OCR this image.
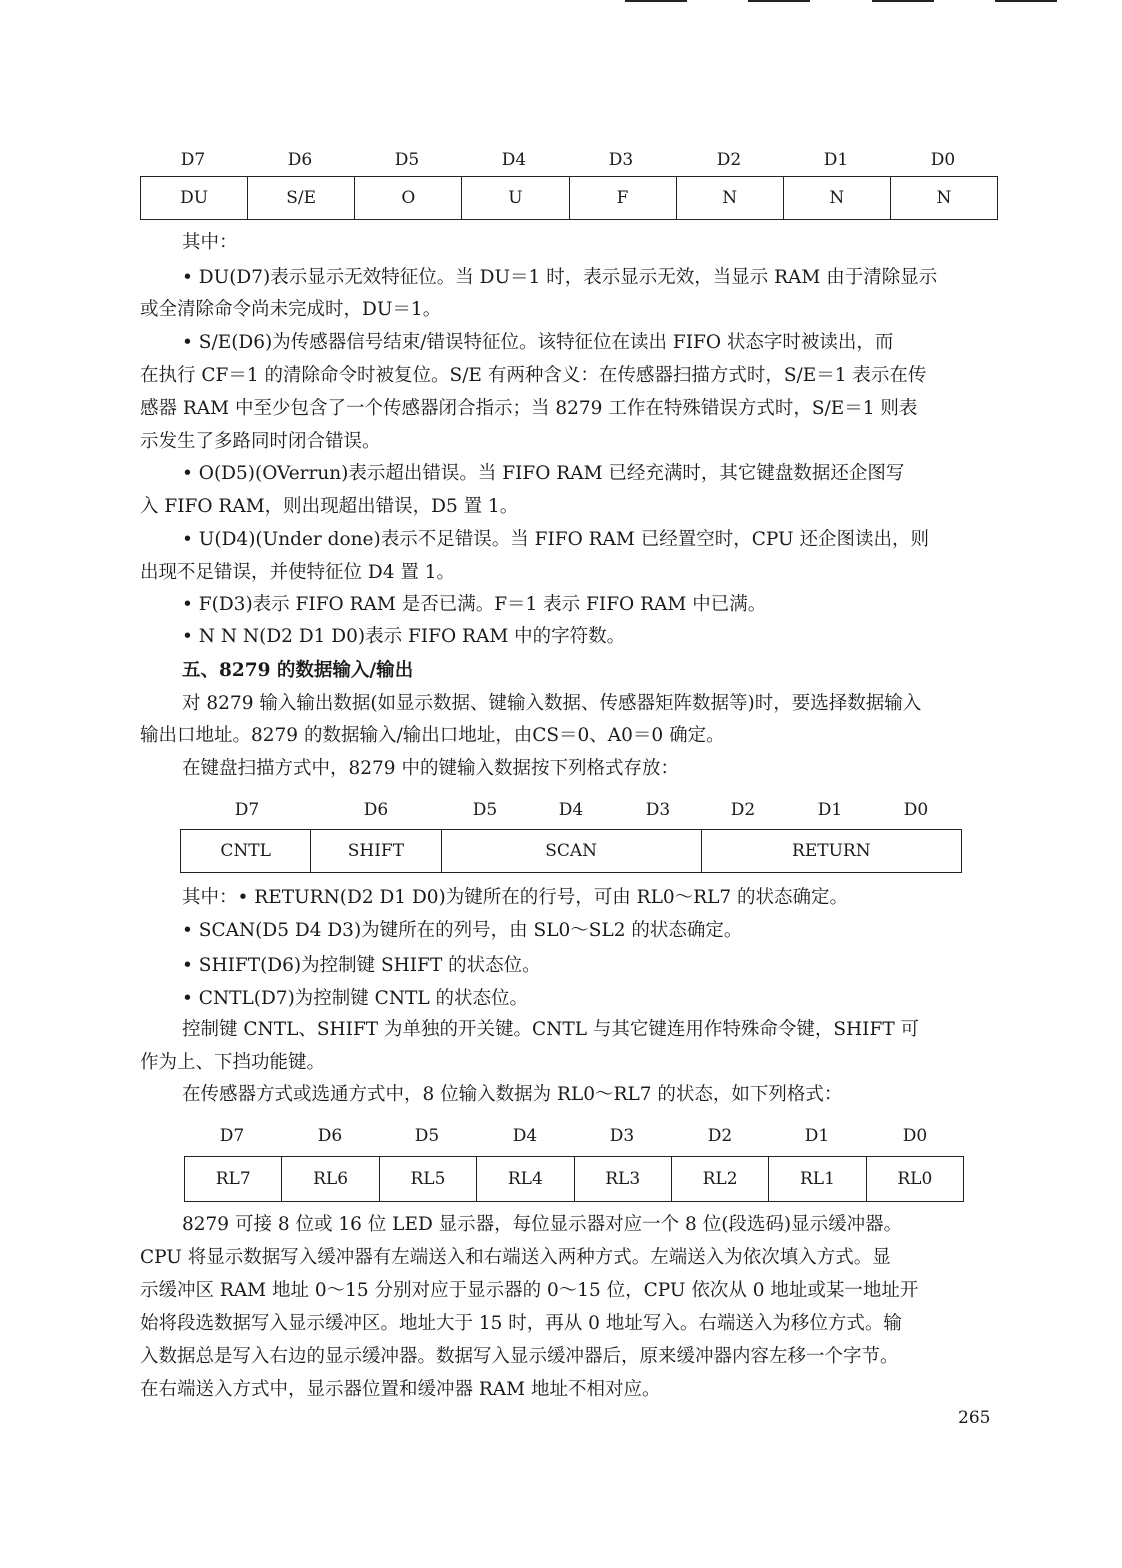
D7	D6	D5	D4	D3	D2	D1	D0
DU	S/E	O	U	F	N	N	N
其中：
• DU(D7)表示显示无效特征位。当 DU＝1 时，表示显示无效，当显示 RAM 由于清除显示
或全清除命令尚未完成时，DU＝1。
• S/E(D6)为传感器信号结束/错误特征位。该特征位在读出 FIFO 状态字时被读出，而
在执行 CF＝1 的清除命令时被复位。S/E 有两种含义：在传感器扫描方式时，S/E＝1 表示在传
感器 RAM 中至少包含了一个传感器闭合指示；当 8279 工作在特殊错误方式时，S/E＝1 则表
示发生了多路同时闭合错误。
• O(D5)(OVerrun)表示超出错误。当 FIFO RAM 已经充满时，其它键盘数据还企图写
入 FIFO RAM，则出现超出错误，D5 置 1。
• U(D4)(Under done)表示不足错误。当 FIFO RAM 已经置空时，CPU 还企图读出，则
出现不足错误，并使特征位 D4 置 1。
• F(D3)表示 FIFO RAM 是否已满。F＝1 表示 FIFO RAM 中已满。
• N N N(D2 D1 D0)表示 FIFO RAM 中的字符数。
五、8279 的数据输入/输出
对 8279 输入输出数据(如显示数据、键输入数据、传感器矩阵数据等)时，要选择数据输入
输出口地址。8279 的数据输入/输出口地址，由CS＝0、A0＝0 确定。
在键盘扫描方式中，8279 中的键输入数据按下列格式存放：
D7	D6	D5	D4	D3	D2	D1	D0
CNTL	SHIFT	SCAN	RETURN
其中：• RETURN(D2 D1 D0)为键所在的行号，可由 RL0～RL7 的状态确定。
• SCAN(D5 D4 D3)为键所在的列号，由 SL0～SL2 的状态确定。
• SHIFT(D6)为控制键 SHIFT 的状态位。
• CNTL(D7)为控制键 CNTL 的状态位。
控制键 CNTL、SHIFT 为单独的开关键。CNTL 与其它键连用作特殊命令键，SHIFT 可
作为上、下挡功能键。
在传感器方式或选通方式中，8 位输入数据为 RL0～RL7 的状态，如下列格式：
D7	D6	D5	D4	D3	D2	D1	D0
RL7	RL6	RL5	RL4	RL3	RL2	RL1	RL0
8279 可接 8 位或 16 位 LED 显示器，每位显示器对应一个 8 位(段选码)显示缓冲器。
CPU 将显示数据写入缓冲器有左端送入和右端送入两种方式。左端送入为依次填入方式。显
示缓冲区 RAM 地址 0～15 分别对应于显示器的 0～15 位，CPU 依次从 0 地址或某一地址开
始将段选数据写入显示缓冲区。地址大于 15 时，再从 0 地址写入。右端送入为移位方式。输
入数据总是写入右边的显示缓冲器。数据写入显示缓冲器后，原来缓冲器内容左移一个字节。
在右端送入方式中，显示器位置和缓冲器 RAM 地址不相对应。
265
